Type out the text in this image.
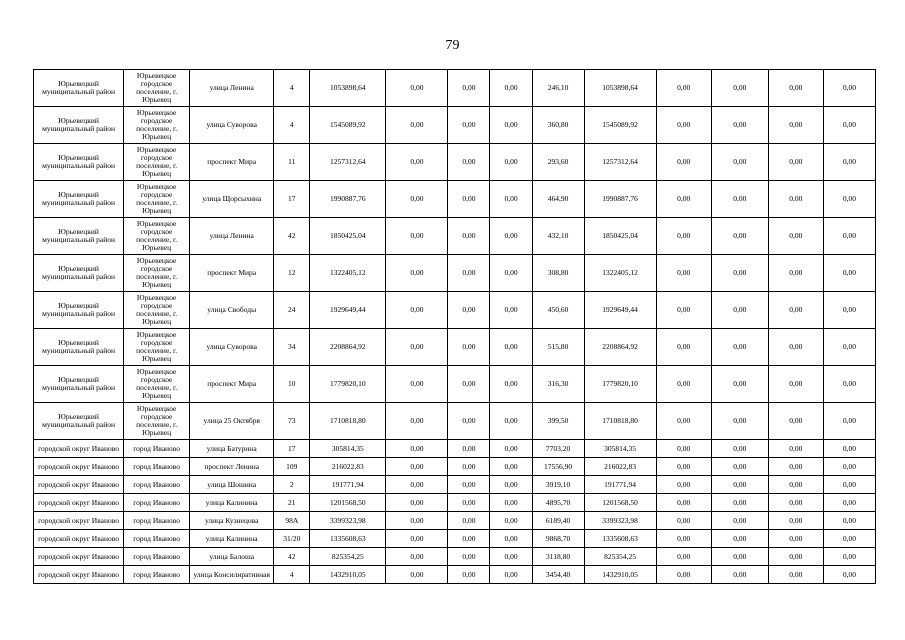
79
Юрьевецкий муниципальный район	Юрьевецкое городское поселение, г. Юрьевец	улица Ленина	4	1053898,64	0,00	0,00	0,00	246,10	1053898,64	0,00	0,00	0,00	0,00
Юрьевецкий муниципальный район	Юрьевецкое городское поселение, г. Юрьевец	улица Суворова	4	1545089,92	0,00	0,00	0,00	360,80	1545089,92	0,00	0,00	0,00	0,00
Юрьевецкий муниципальный район	Юрьевецкое городское поселение, г. Юрьевец	проспект Мира	11	1257312,64	0,00	0,00	0,00	293,60	1257312,64	0,00	0,00	0,00	0,00
Юрьевецкий муниципальный район	Юрьевецкое городское поселение, г. Юрьевец	улица Щорсыхина	17	1990887,76	0,00	0,00	0,00	464,90	1990887,76	0,00	0,00	0,00	0,00
Юрьевецкий муниципальный район	Юрьевецкое городское поселение, г. Юрьевец	улица Ленина	42	1850425,04	0,00	0,00	0,00	432,10	1850425,04	0,00	0,00	0,00	0,00
Юрьевецкий муниципальный район	Юрьевецкое городское поселение, г. Юрьевец	проспект Мира	12	1322405,12	0,00	0,00	0,00	308,80	1322405,12	0,00	0,00	0,00	0,00
Юрьевецкий муниципальный район	Юрьевецкое городское поселение, г. Юрьевец	улица Свободы	24	1929649,44	0,00	0,00	0,00	450,60	1929649,44	0,00	0,00	0,00	0,00
Юрьевецкий муниципальный район	Юрьевецкое городское поселение, г. Юрьевец	улица Суворова	34	2208864,92	0,00	0,00	0,00	515,80	2208864,92	0,00	0,00	0,00	0,00
Юрьевецкий муниципальный район	Юрьевецкое городское поселение, г. Юрьевец	проспект Мира	10	1779820,10	0,00	0,00	0,00	316,30	1779820,10	0,00	0,00	0,00	0,00
Юрьевецкий муниципальный район	Юрьевецкое городское поселение, г. Юрьевец	улица 25 Октября	73	1710818,80	0,00	0,00	0,00	399,50	1710818,80	0,00	0,00	0,00	0,00
городской округ Иваново	город Иваново	улица Батурина	17	305814,35	0,00	0,00	0,00	7703,20	305814,35	0,00	0,00	0,00	0,00
городской округ Иваново	город Иваново	проспект Ленина	109	216022,83	0,00	0,00	0,00	17556,90	216022,83	0,00	0,00	0,00	0,00
городской округ Иваново	город Иваново	улица Шошина	2	191771,94	0,00	0,00	0,00	3919,10	191771,94	0,00	0,00	0,00	0,00
городской округ Иваново	город Иваново	улица Калинина	21	1201568,50	0,00	0,00	0,00	4895,70	1201568,50	0,00	0,00	0,00	0,00
городской округ Иваново	город Иваново	улица Кузнецова	98А	3399323,98	0,00	0,00	0,00	6189,40	3399323,98	0,00	0,00	0,00	0,00
городской округ Иваново	город Иваново	улица Калинина	31/20	1335608,63	0,00	0,00	0,00	9868,70	1335608,63	0,00	0,00	0,00	0,00
городской округ Иваново	город Иваново	улица Балоша	42	825354,25	0,00	0,00	0,00	3118,80	825354,25	0,00	0,00	0,00	0,00
городской округ Иваново	город Иваново	улица Консилиративная	4	1432910,05	0,00	0,00	0,00	3454,40	1432910,05	0,00	0,00	0,00	0,00
